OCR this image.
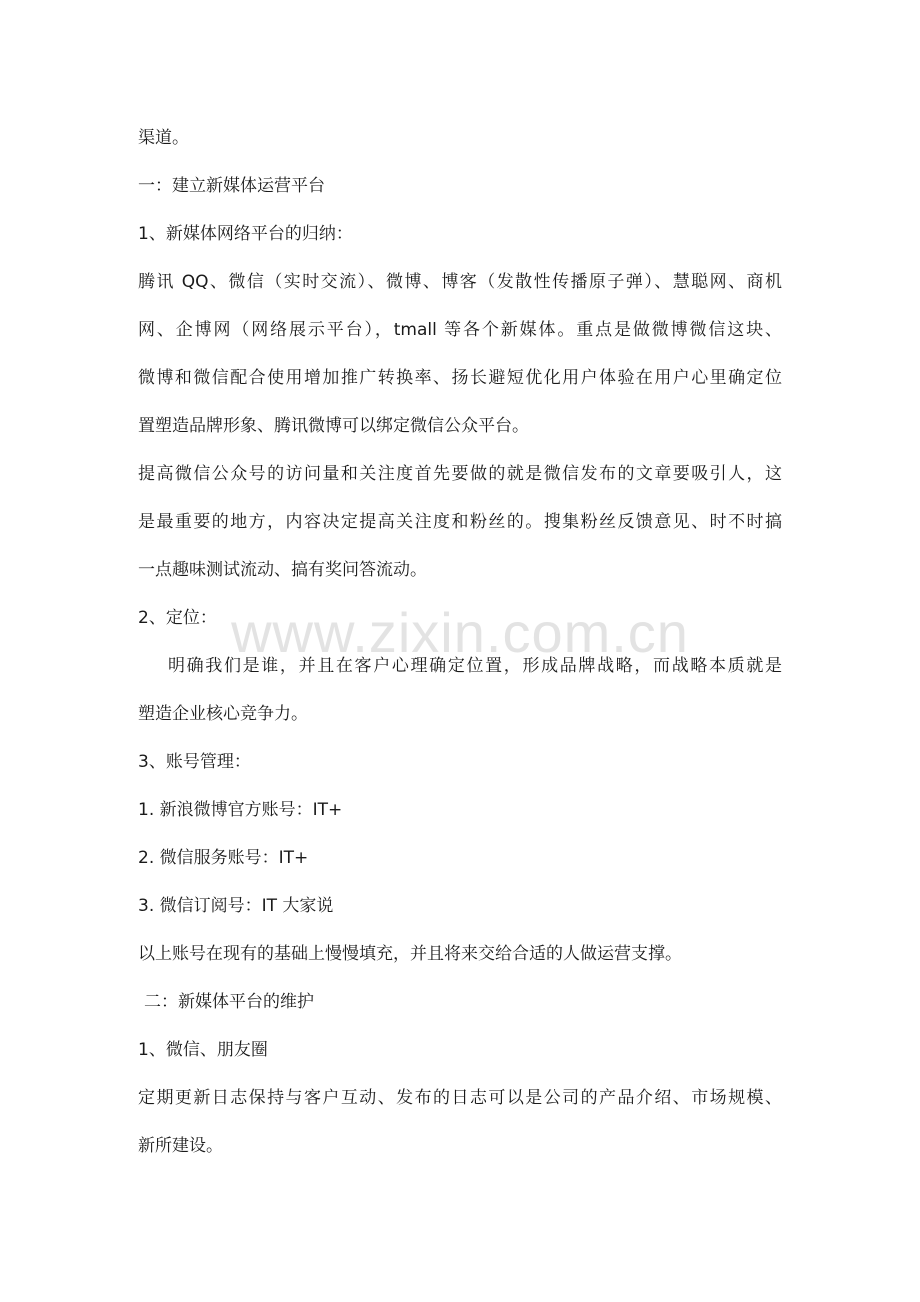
www.zixin.com.cn
渠道。
一：建立新媒体运营平台
1、新媒体网络平台的归纳：
腾讯 QQ、微信（实时交流）、微博、博客（发散性传播原子弹）、慧聪网、商机
网、企博网（网络展示平台），tmall 等各个新媒体。重点是做微博微信这块、
微博和微信配合使用增加推广转换率、扬长避短优化用户体验在用户心里确定位
置塑造品牌形象、腾讯微博可以绑定微信公众平台。
提高微信公众号的访问量和关注度首先要做的就是微信发布的文章要吸引人，这
是最重要的地方，内容决定提高关注度和粉丝的。搜集粉丝反馈意见、时不时搞
一点趣味测试流动、搞有奖问答流动。
2、定位：
明确我们是谁，并且在客户心理确定位置，形成品牌战略，而战略本质就是
塑造企业核心竞争力。
3、账号管理：
1. 新浪微博官方账号：IT+
2. 微信服务账号：IT+
3. 微信订阅号：IT 大家说
以上账号在现有的基础上慢慢填充，并且将来交给合适的人做运营支撑。
二：新媒体平台的维护
1、微信、朋友圈
定期更新日志保持与客户互动、发布的日志可以是公司的产品介绍、市场规模、
新所建设。
